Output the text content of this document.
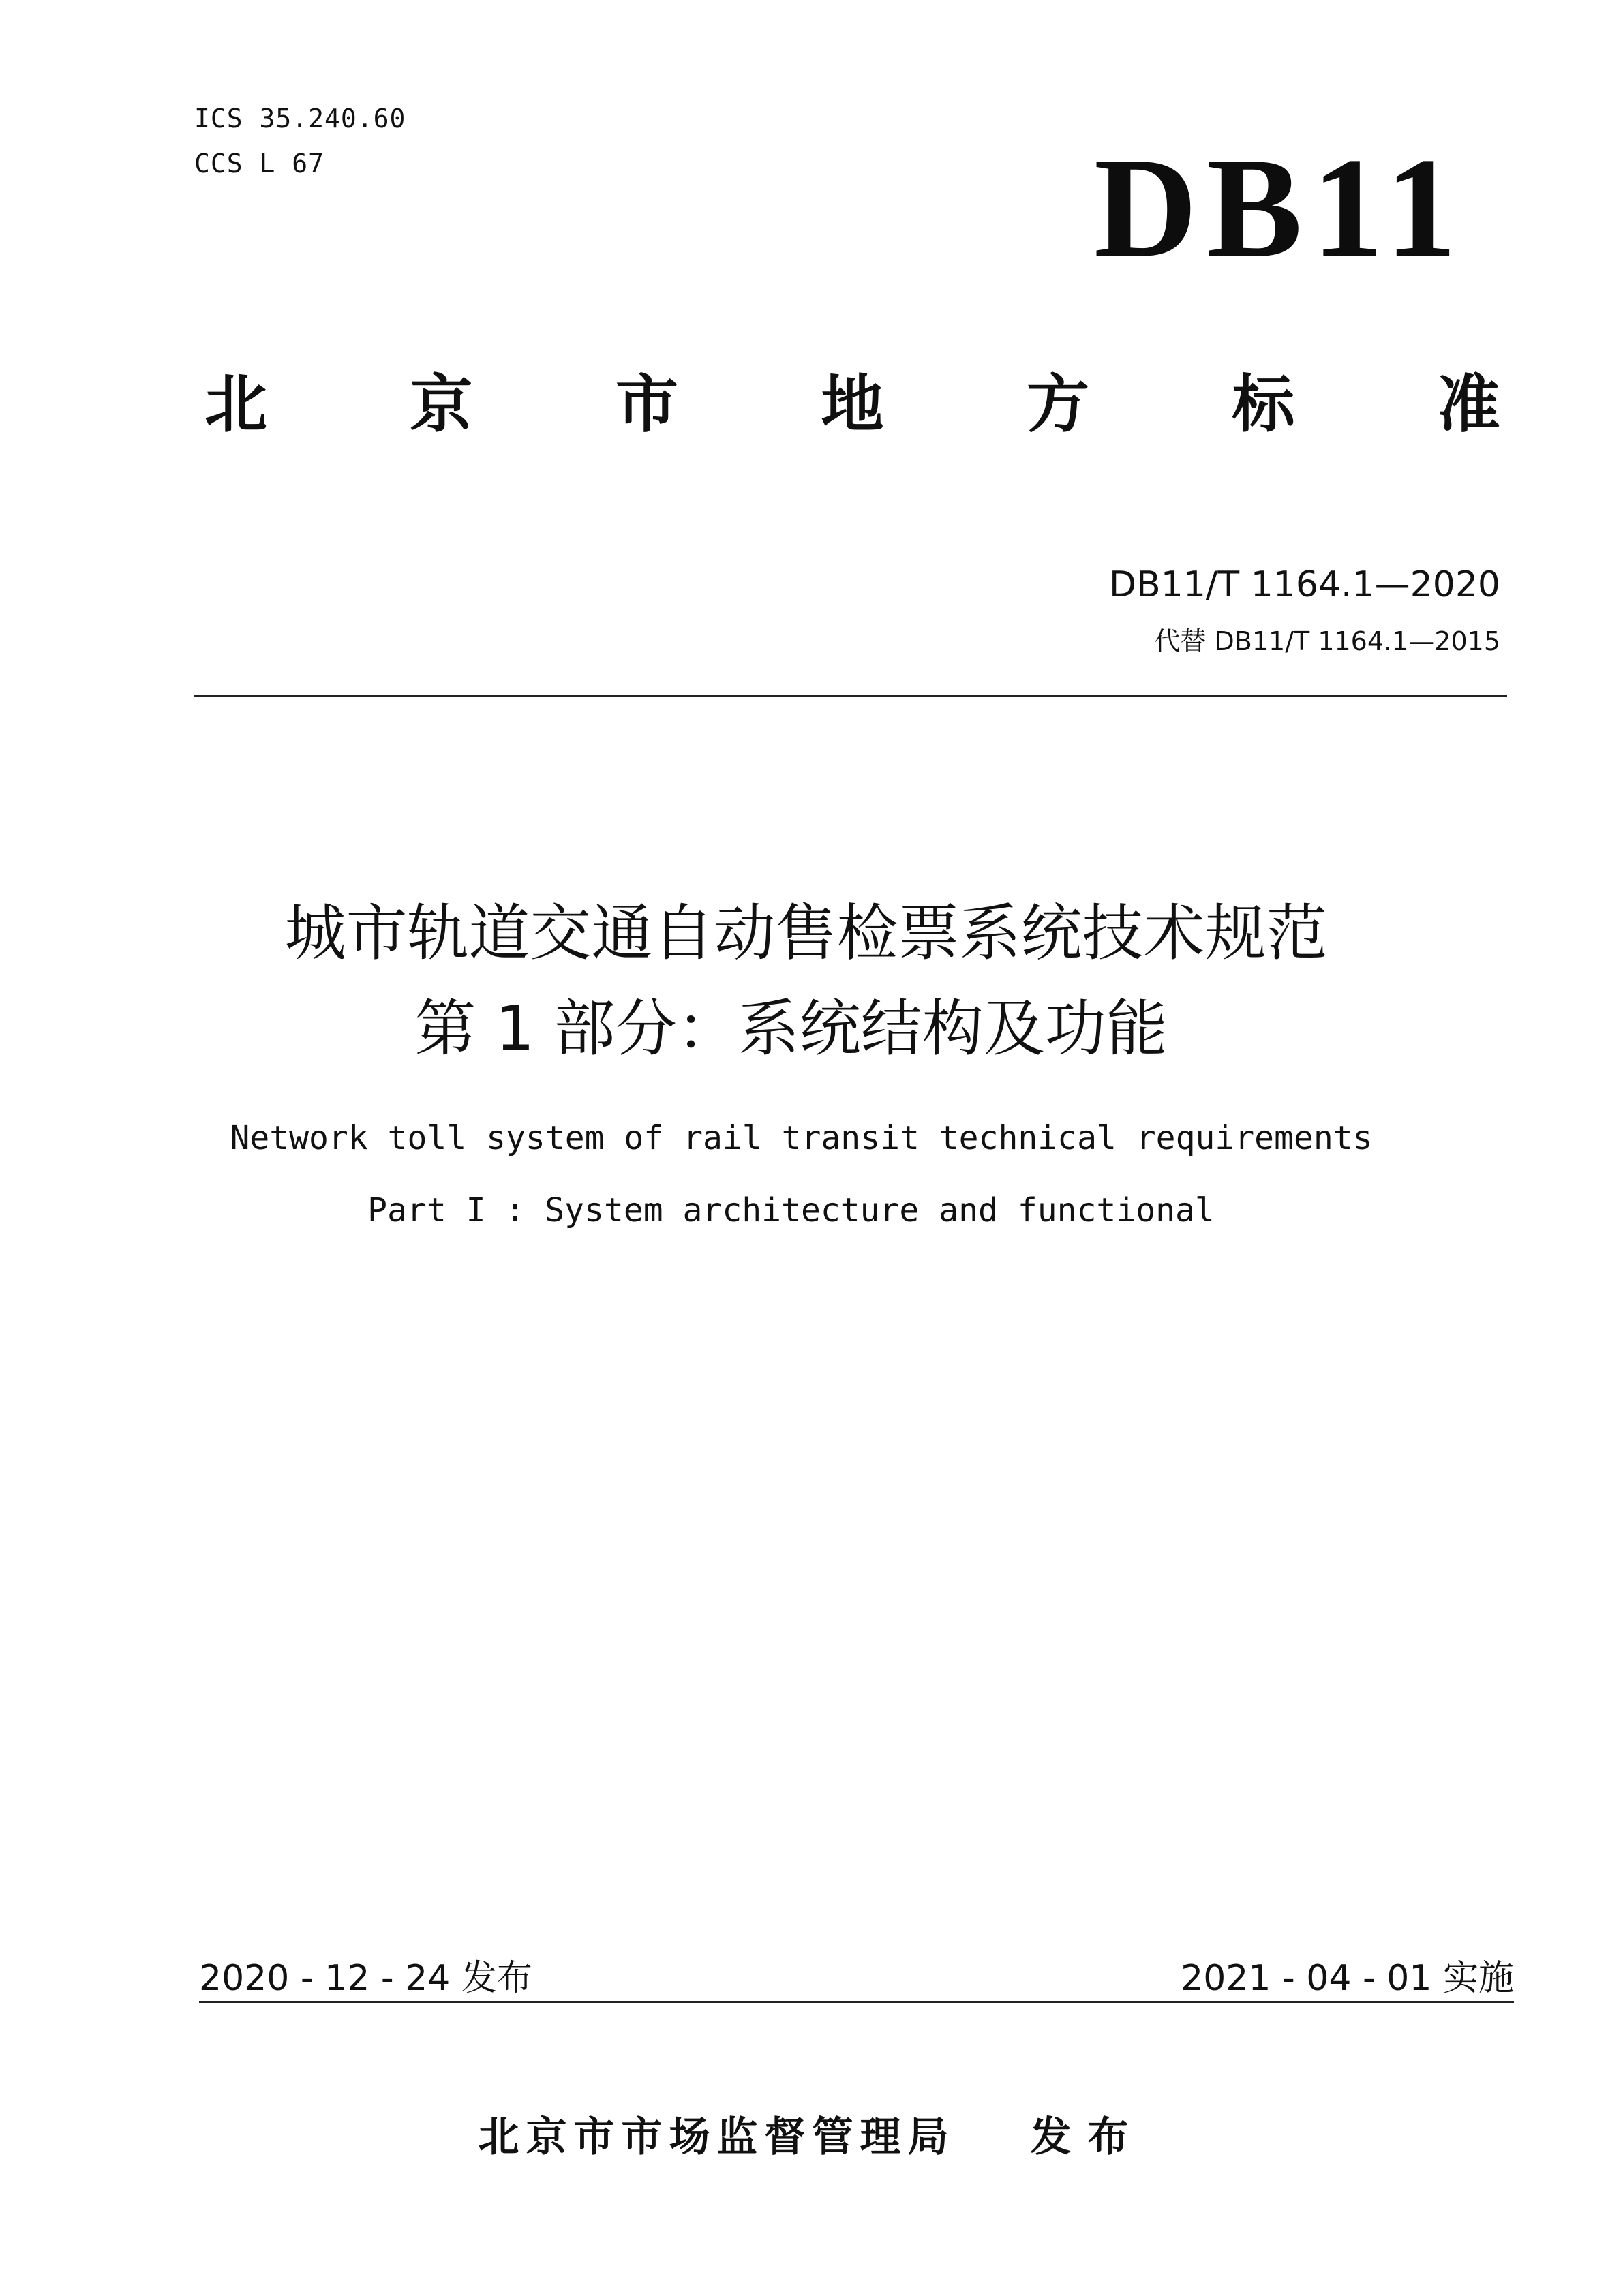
ICS 35.240.60
CCS L 67	DB11
北 京 市 地 方 标 准
DB11/T 1164.1—2020
代替 DB11/T 1164.1—2015
城市轨道交通自动售检票系统技术规范
第 1 部分：系统结构及功能
Network toll system of rail transit technical requirements
Part I : System architecture and functional
2020 - 12 - 24 发布	2021 - 04 - 01 实施
北京市市场监督管理局 发布
